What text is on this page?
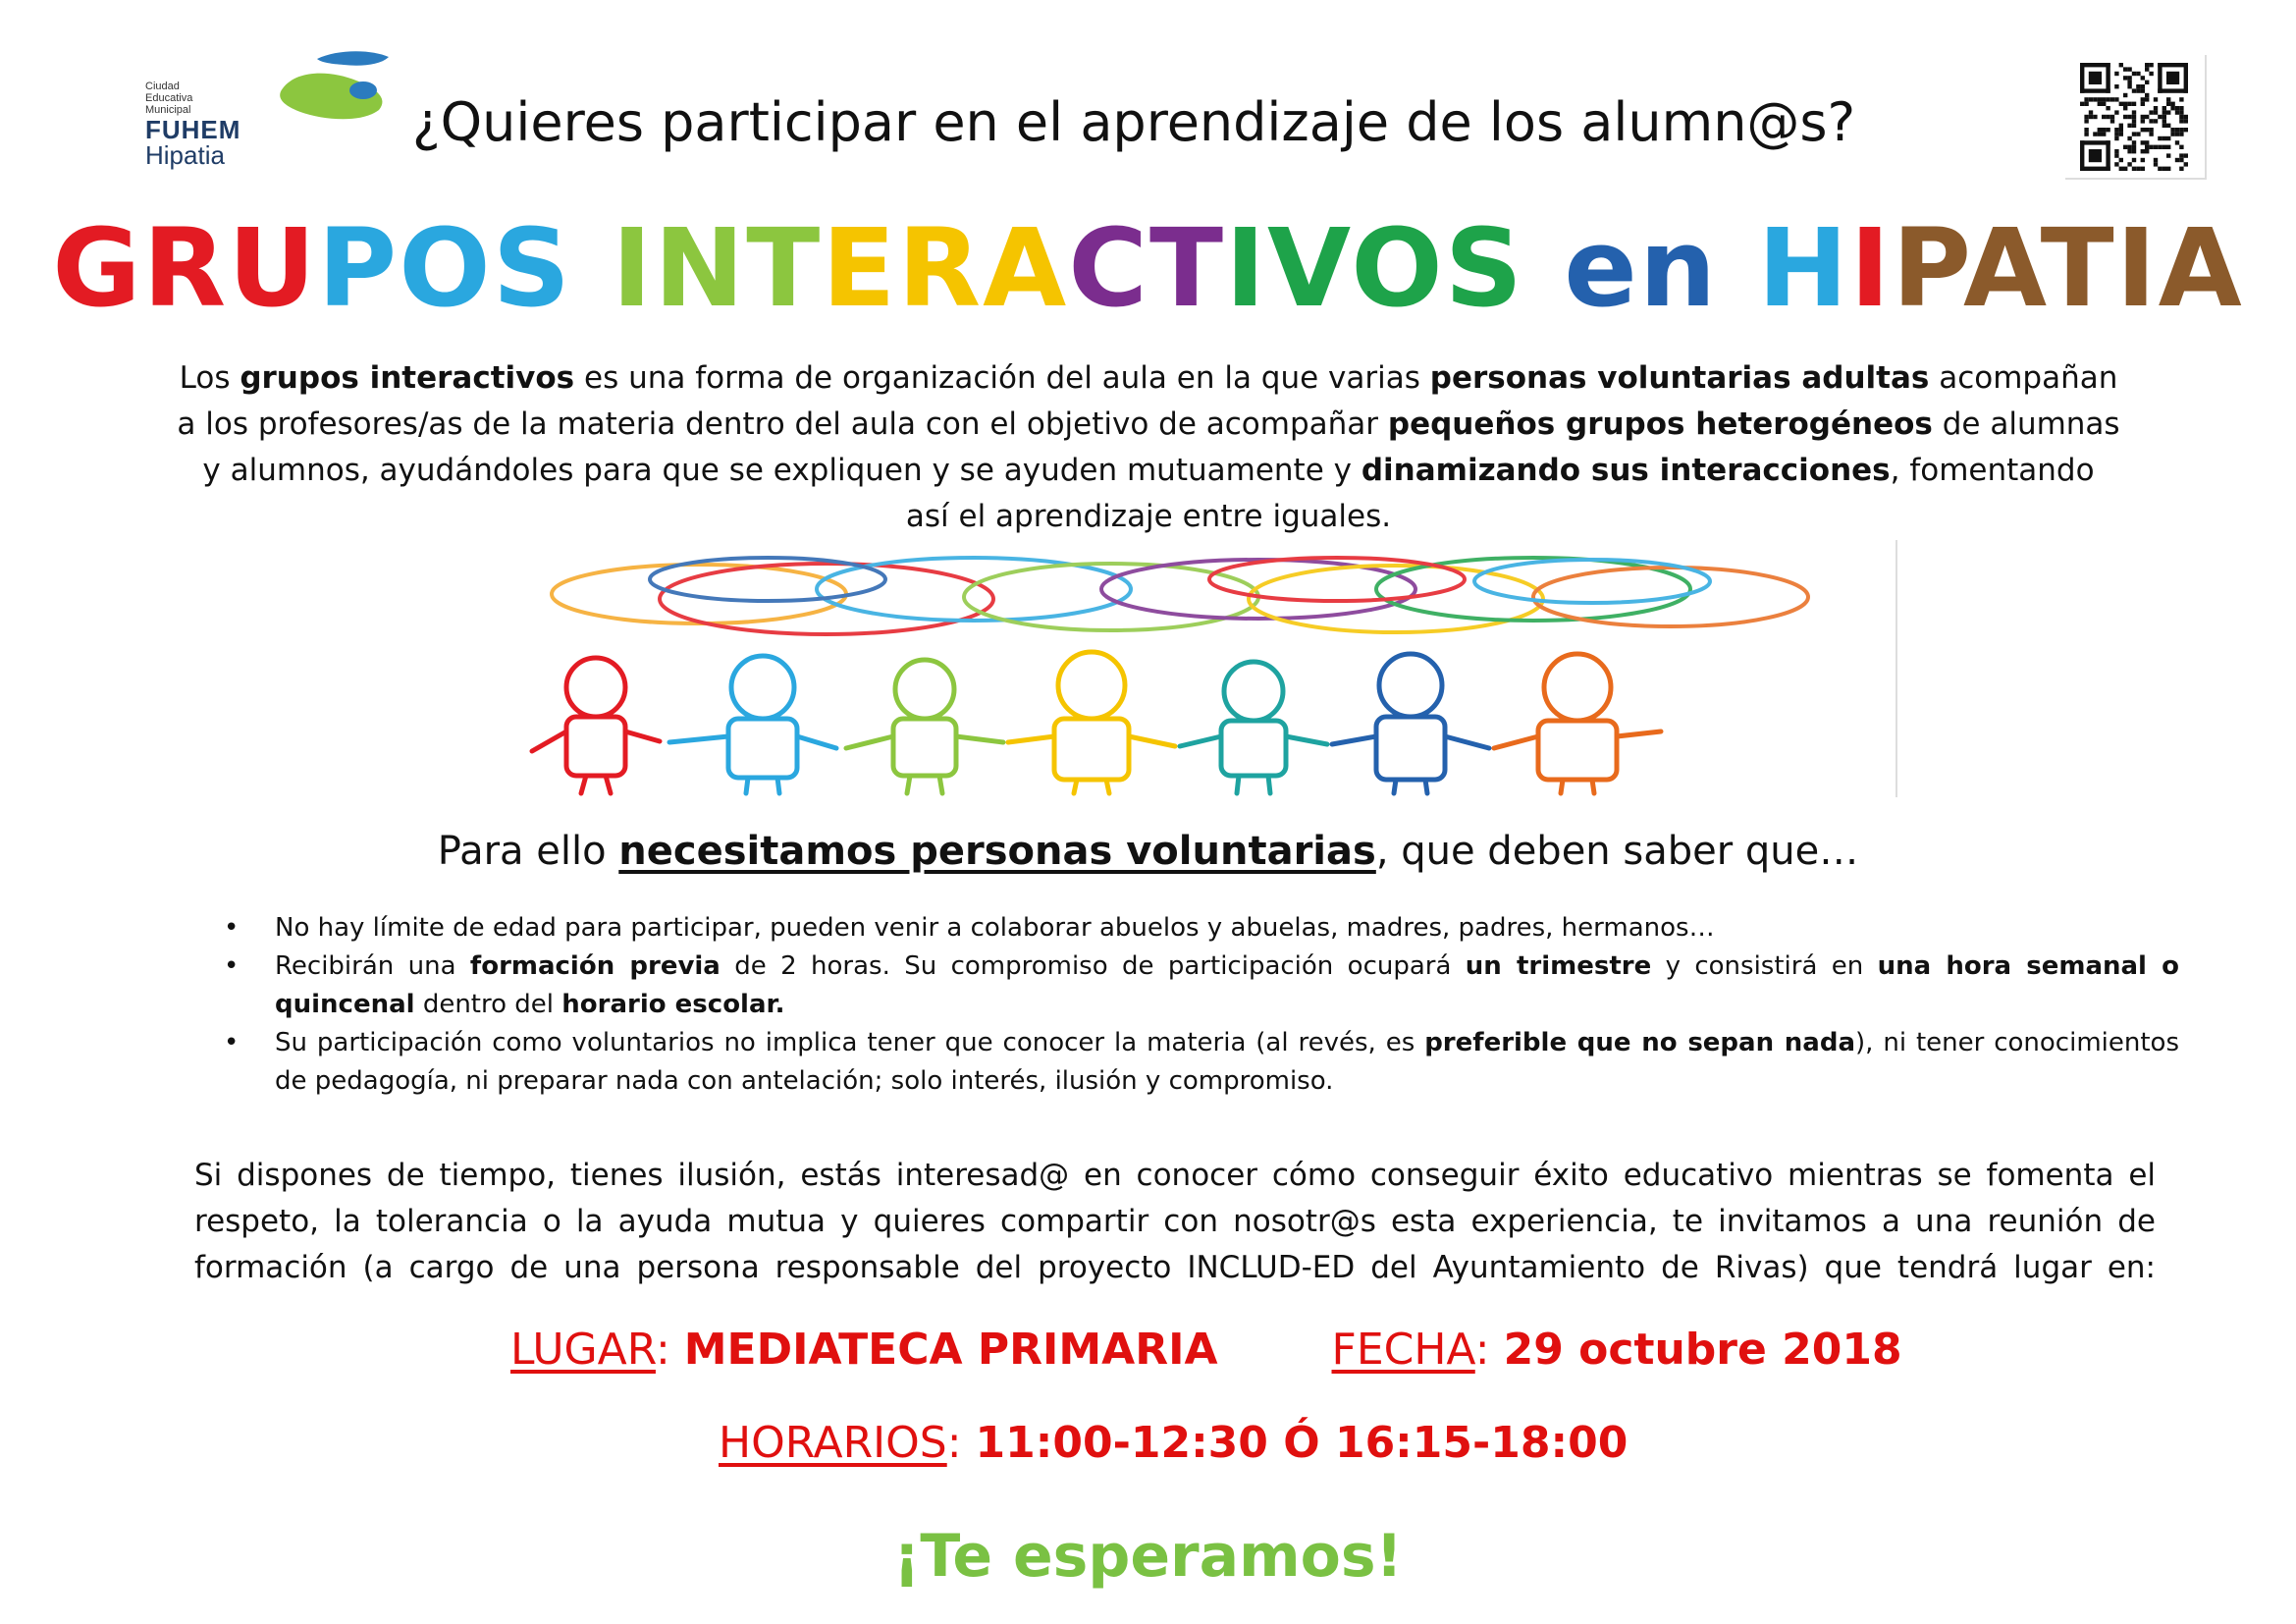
Ciudad
Educativa
Municipal
FUHEM
Hipatia
¿Quieres participar en el aprendizaje de los alumn@s?
GRUPOS INTERACTIVOS en HIPATIA
Los grupos interactivos es una forma de organización del aula en la que varias personas voluntarias adultas acompañan a los profesores/as de la materia dentro del aula con el objetivo de acompañar pequeños grupos heterogéneos de alumnas y alumnos, ayudándoles para que se expliquen y se ayuden mutuamente y dinamizando sus interacciones, fomentando así el aprendizaje entre iguales.
Para ello necesitamos personas voluntarias, que deben saber que…
• No hay límite de edad para participar, pueden venir a colaborar abuelos y abuelas, madres, padres, hermanos…
• Recibirán una formación previa de 2 horas. Su compromiso de participación ocupará un trimestre y consistirá en una hora semanal o quincenal dentro del horario escolar.
• Su participación como voluntarios no implica tener que conocer la materia (al revés, es preferible que no sepan nada), ni tener conocimientos de pedagogía, ni preparar nada con antelación; solo interés, ilusión y compromiso.
Si dispones de tiempo, tienes ilusión, estás interesad@ en conocer cómo conseguir éxito educativo mientras se fomenta el
respeto, la tolerancia o la ayuda mutua y quieres compartir con nosotr@s esta experiencia, te invitamos a una reunión de
formación (a cargo de una persona responsable del proyecto INCLUD-ED del Ayuntamiento de Rivas) que tendrá lugar en:
LUGAR: MEDIATECA PRIMARIA	FECHA: 29 octubre 2018
HORARIOS: 11:00-12:30 Ó 16:15-18:00
¡Te esperamos!
